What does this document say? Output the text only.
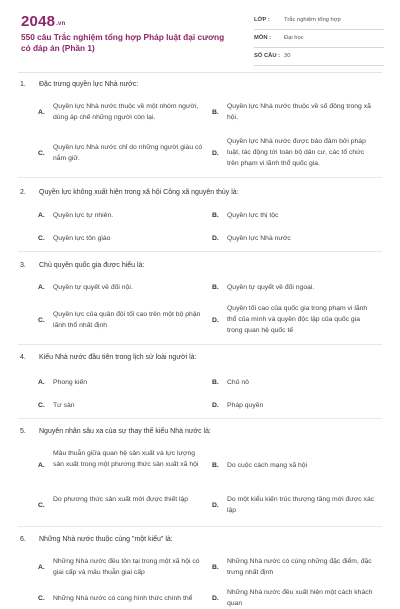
2048.vn
550 câu Trắc nghiệm tổng hợp Pháp luật đại cương có đáp án (Phần 1)
LỚP : Trắc nghiệm tổng hợp
MÔN : Đại học
SỐ CÂU : 30
1. Đặc trưng quyền lực Nhà nước:
A.
Quyền lực Nhà nước thuộc về một nhóm người, dùng áp chế những người còn lại.
B.
Quyền lực Nhà nước thuộc về số đông trong xã hội.
C.
Quyền lực Nhà nước chỉ do những người giàu có nắm giữ.
D.
Quyền lực Nhà nước được bảo đảm bởi pháp luật, tác động tới toàn bộ dân cư, các tổ chức trên phạm vi lãnh thổ quốc gia.
2. Quyền lực không xuất hiện trong xã hội Công xã nguyên thủy là:
A. Quyền lực tự nhiên.	B. Quyền lực thị tộc
C. Quyền lực tôn giáo	D. Quyền lực Nhà nước
3. Chủ quyền quốc gia được hiểu là:
A. Quyền tự quyết về đối nội.	B. Quyền tự quyết về đối ngoại.
C.
Quyền lực của quân đội tối cao trên một bộ phận lãnh thổ nhất định
D.
Quyền tối cao của quốc gia trong phạm vi lãnh thổ của mình và quyền độc lập của quốc gia trong quan hệ quốc tế
4. Kiểu Nhà nước đầu tiên trong lịch sử loài người là:
A. Phong kiến	B. Chủ nô
C. Tư sản	D. Pháp quyền
5. Nguyên nhân sâu xa của sự thay thế kiểu Nhà nước là:
A.
Mâu thuẫn giữa quan hệ sản xuất và lực lượng sản xuất trong một phương thức sản xuất xã hội	B. Do cuộc cách mạng xã hội
C.
Do phương thức sản xuất mới được thiết lập
D.
Do một kiểu kiến trúc thượng tầng mới được xác lập
6. Những Nhà nước thuộc cùng "một kiểu" là:
A.
Những Nhà nước đều tồn tại trong một xã hội có giai cấp và mâu thuẫn giai cấp
B.
Những Nhà nước có cùng những đặc điểm, đặc trưng nhất định
C. Những Nhà nước có cùng hình thức chính thể	D.
Những Nhà nước đều xuất hiện một cách khách quan
